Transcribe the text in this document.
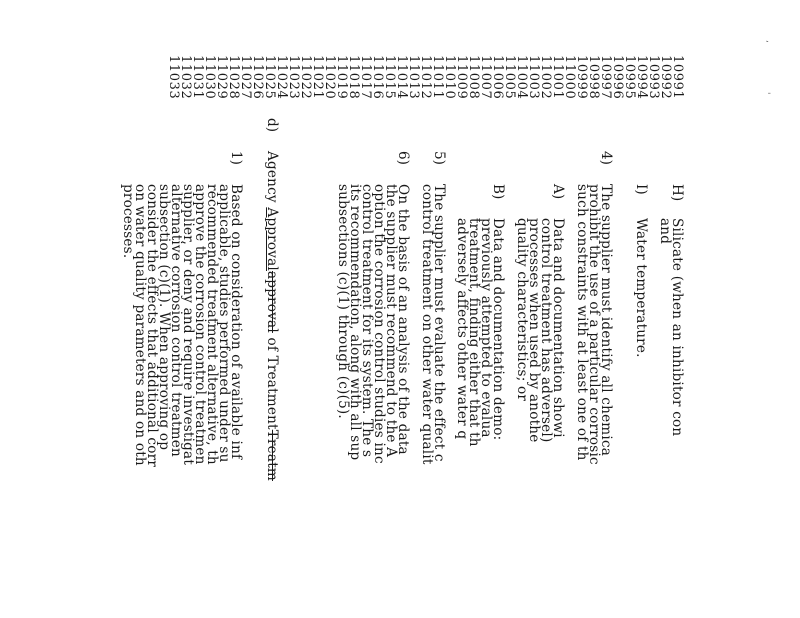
10991
10992
10993
10994
10995
10996
10997
10998
10999
11000
11001
11002
11003
11004
11005
11006
11007
11008
11009
11010
11011
11012
11013
11014
11015
11016
11017
11018
11019
11020
11021
11022
11023
11024
11025
11026
11027
11028
11029
11030
11031
11032
11033
H)
Silicate (when an inhibitor con
and
I)
Water temperature.
4)
The supplier must identify all chemica
prohibit the use of a particular corrosic
such constraints with at least one of th
A)
Data and documentation showi
control treatment has adversel)
processes when used by anothe
quality characteristics; or
B)
Data and documentation demo:
previously attempted to evalua
treatment, finding either that th
adversely affects other water q
5)
The supplier must evaluate the effect c
control treatment on other water qualit
6)
On the basis of an analysis of the data
the supplier must recommend to the A
option the corrosion control studies inc
control treatment for its system. The s
its recommendation, along with all sup
subsections (c)(1) through (c)(5).
d)
Agency Approvalapproval of TreatmentTreatm
1)
Based on consideration of available inf
applicable, studies performed under su
recommended treatment alternative, th
approve the corrosion control treatmen
supplier, or deny and require investigat
alternative corrosion control treatmen
subsection (c)(1). When approving op
consider the effects that additional corr
on water quality parameters and on oth
processes.
,
'
